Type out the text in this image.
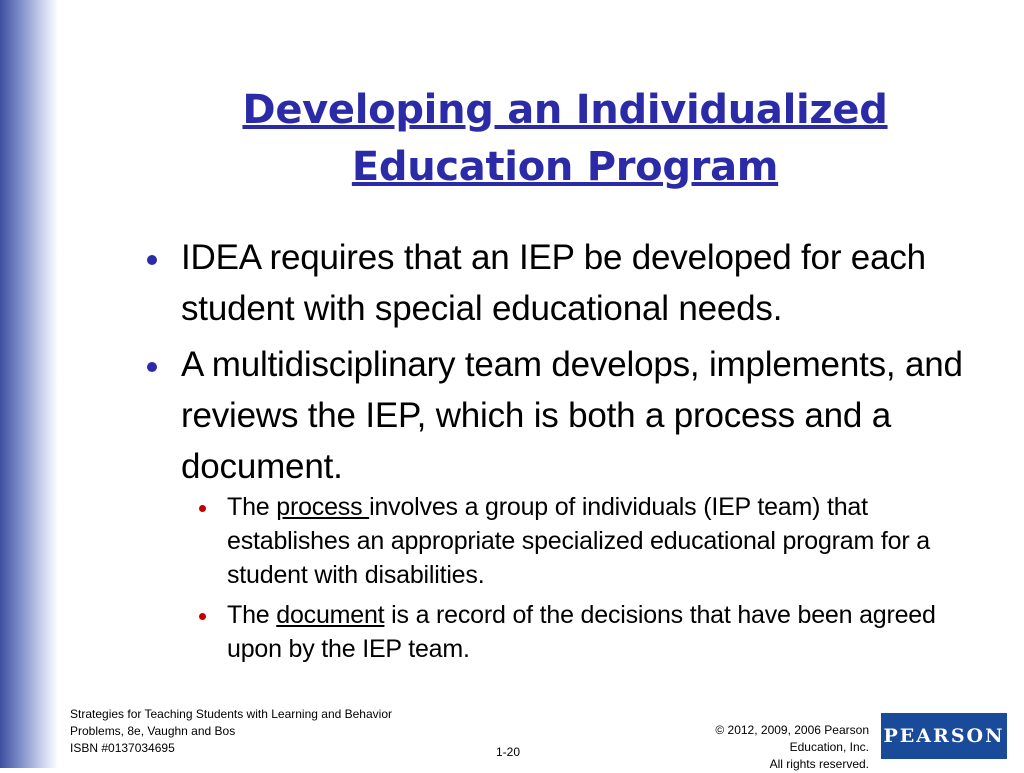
Developing an Individualized
Education Program
IDEA requires that an IEP be developed for each student with special educational needs.
A multidisciplinary team develops, implements, and reviews the IEP, which is both a process and a document.
The process involves a group of individuals (IEP team) that establishes an appropriate specialized educational program for a student with disabilities.
The document is a record of the decisions that have been agreed upon by the IEP team.
Strategies for Teaching Students with Learning and Behavior
Problems, 8e, Vaughn and Bos
ISBN #0137034695	1-20
© 2012, 2009, 2006 Pearson
Education, Inc.
All rights reserved.
PEARSON
